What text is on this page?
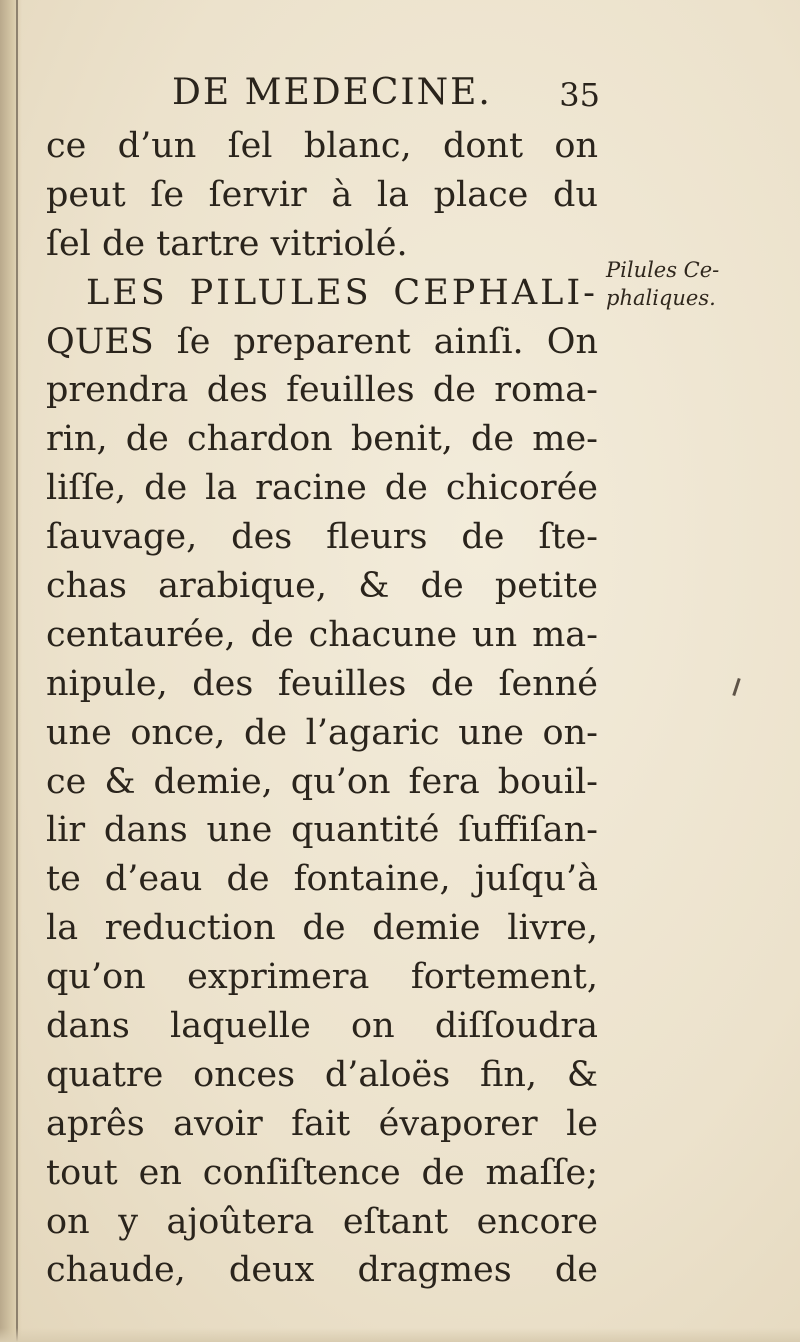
DE MEDECINE. 35
ce d’un ſel blanc, dont on
peut ſe ſervir à la place du
ſel de tartre vitriolé.
LES PILULES CEPHALI-
QUES ſe preparent ainſi. On
prendra des feuilles de roma-
rin, de chardon benit, de me-
liſſe, de la racine de chicorée
ſauvage, des fleurs de ſte-
chas arabique, & de petite
centaurée, de chacune un ma-
nipule, des feuilles de ſenné
une once, de l’agaric une on-
ce & demie, qu’on fera bouil-
lir dans une quantité ſuffiſan-
te d’eau de fontaine, juſqu’à
la reduction de demie livre,
qu’on exprimera fortement,
dans laquelle on diſſoudra
quatre onces d’aloës fin, &
aprês avoir fait évaporer le
tout en conſiſtence de maſſe;
on y ajoûtera eſtant encore
chaude, deux dragmes de
Pilules Ce-
phaliques.
